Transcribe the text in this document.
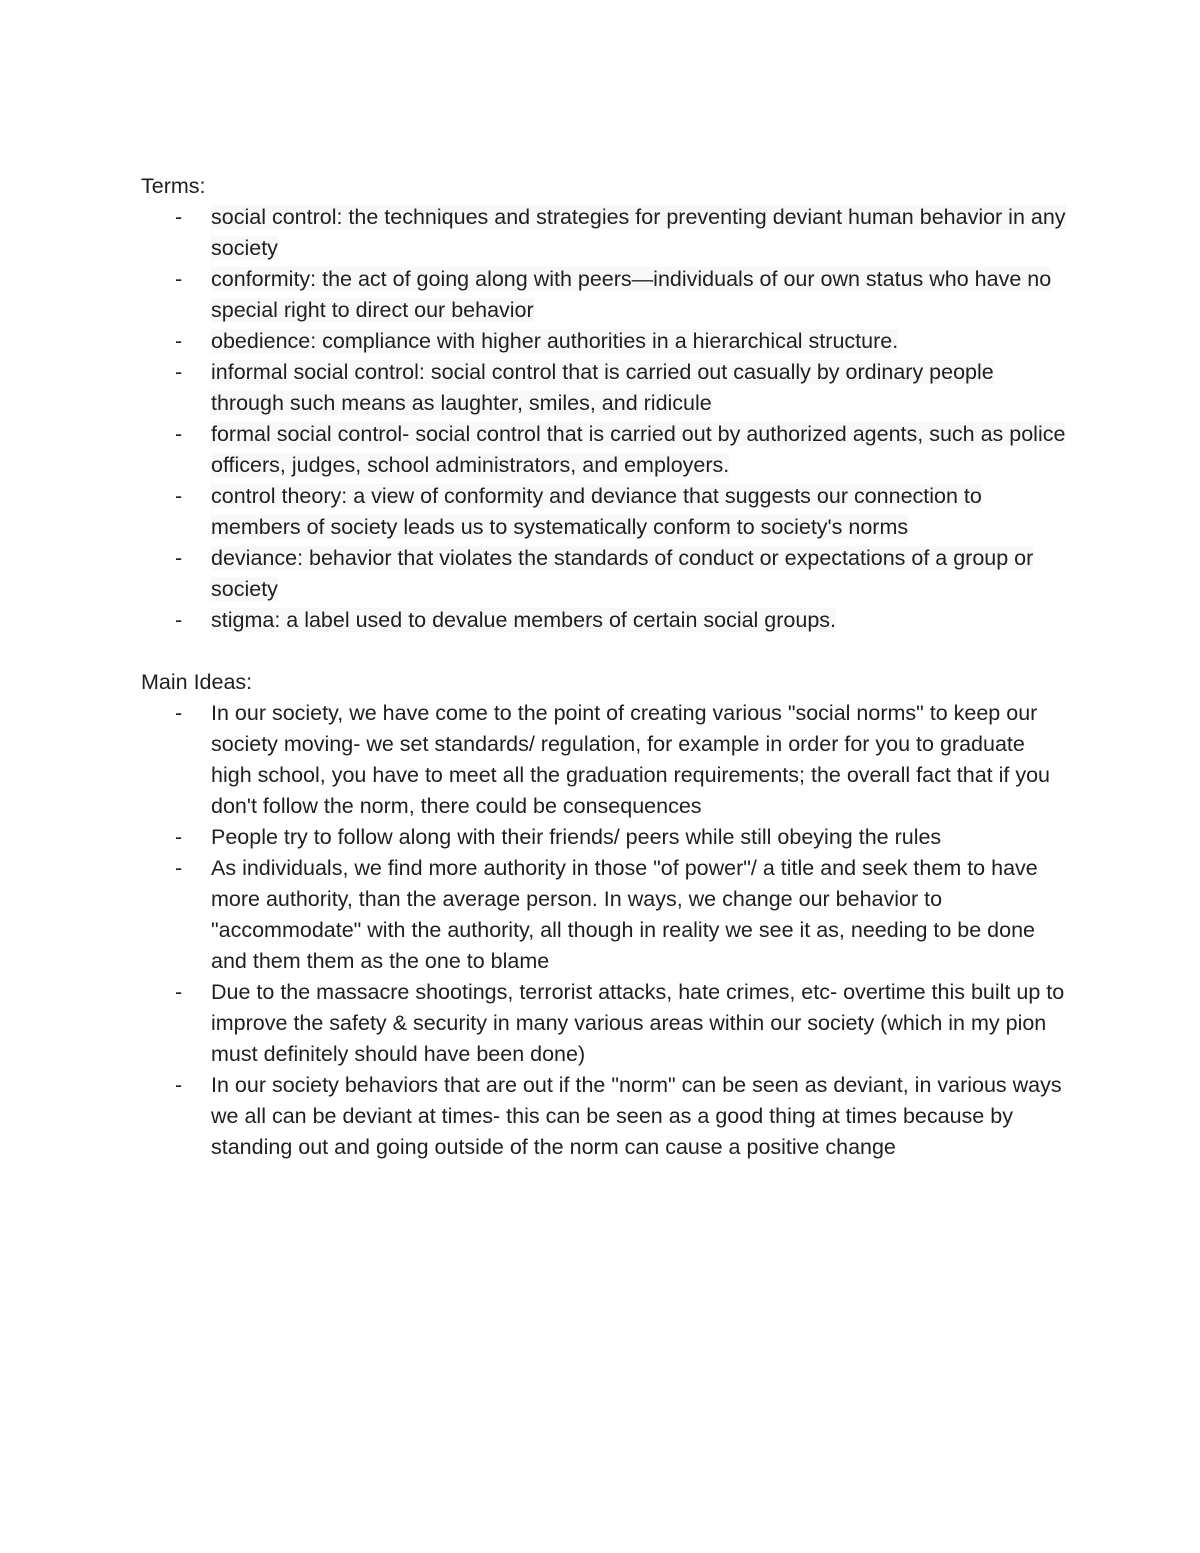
Terms:

- social control: the techniques and strategies for preventing deviant human behavior in any society
- conformity: the act of going along with peers—individuals of our own status who have no special right to direct our behavior
- obedience: compliance with higher authorities in a hierarchical structure.
- informal social control: social control that is carried out casually by ordinary people through such means as laughter, smiles, and ridicule
- formal social control- social control that is carried out by authorized agents, such as police officers, judges, school administrators, and employers.
- control theory: a view of conformity and deviance that suggests our connection to members of society leads us to systematically conform to society's norms
- deviance: behavior that violates the standards of conduct or expectations of a group or society
- stigma: a label used to devalue members of certain social groups.

Main Ideas:

- In our society, we have come to the point of creating various "social norms" to keep our society moving- we set standards/ regulation, for example in order for you to graduate high school, you have to meet all the graduation requirements; the overall fact that if you don't follow the norm, there could be consequences
- People try to follow along with their friends/ peers while still obeying the rules
- As individuals, we find more authority in those "of power"/ a title and seek them to have more authority, than the average person. In ways, we change our behavior to "accommodate" with the authority, all though in reality we see it as, needing to be done and them them as the one to blame
- Due to the massacre shootings, terrorist attacks, hate crimes, etc- overtime this built up to improve the safety & security in many various areas within our society (which in my pion must definitely should have been done)
- In our society behaviors that are out if the "norm" can be seen as deviant, in various ways we all can be deviant at times- this can be seen as a good thing at times because by standing out and going outside of the norm can cause a positive change
